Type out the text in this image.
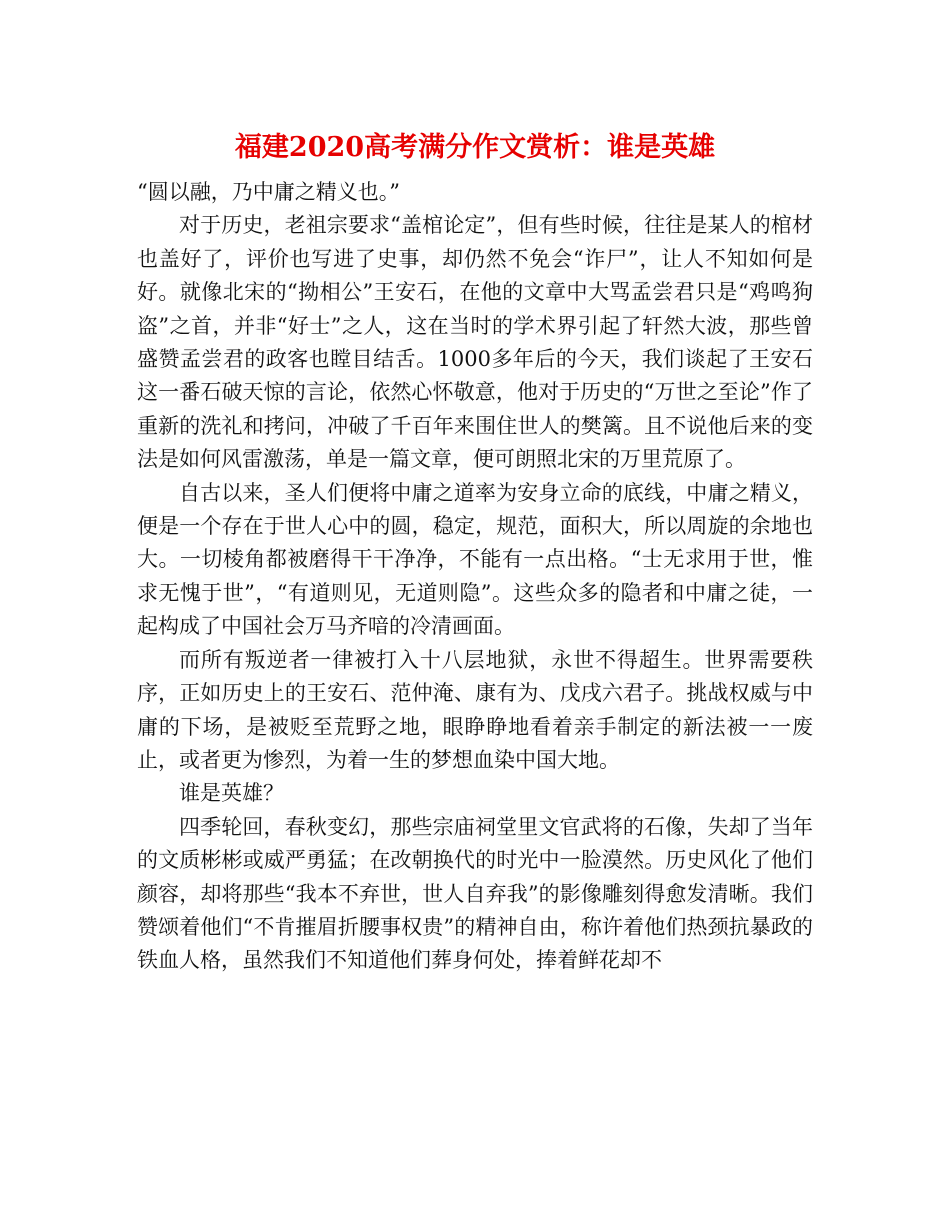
福建2020高考满分作文赏析：谁是英雄

“圆以融，乃中庸之精义也。”

对于历史，老祖宗要求“盖棺论定”，但有些时候，往往是某人的棺材也盖好了，评价也写进了史事，却仍然不免会“诈尸”，让人不知如何是好。就像北宋的“拗相公”王安石，在他的文章中大骂孟尝君只是“鸡鸣狗盗”之首，并非“好士”之人，这在当时的学术界引起了轩然大波，那些曾盛赞孟尝君的政客也瞠目结舌。1000多年后的今天，我们谈起了王安石这一番石破天惊的言论，依然心怀敬意，他对于历史的“万世之至论”作了重新的洗礼和拷问，冲破了千百年来围住世人的樊篱。且不说他后来的变法是如何风雷激荡，单是一篇文章，便可朗照北宋的万里荒原了。

自古以来，圣人们便将中庸之道率为安身立命的底线，中庸之精义，便是一个存在于世人心中的圆，稳定，规范，面积大，所以周旋的余地也大。一切棱角都被磨得干干净净，不能有一点出格。“士无求用于世，惟求无愧于世”，“有道则见，无道则隐”。这些众多的隐者和中庸之徒，一起构成了中国社会万马齐喑的冷清画面。

而所有叛逆者一律被打入十八层地狱，永世不得超生。世界需要秩序，正如历史上的王安石、范仲淹、康有为、戊戌六君子。挑战权威与中庸的下场，是被贬至荒野之地，眼睁睁地看着亲手制定的新法被一一废止，或者更为惨烈，为着一生的梦想血染中国大地。

谁是英雄？

四季轮回，春秋变幻，那些宗庙祠堂里文官武将的石像，失却了当年的文质彬彬或威严勇猛；在改朝换代的时光中一脸漠然。历史风化了他们颜容，却将那些“我本不弃世，世人自弃我”的影像雕刻得愈发清晰。我们赞颂着他们“不肯摧眉折腰事权贵”的精神自由，称许着他们热颈抗暴政的铁血人格，虽然我们不知道他们葬身何处，捧着鲜花却不
